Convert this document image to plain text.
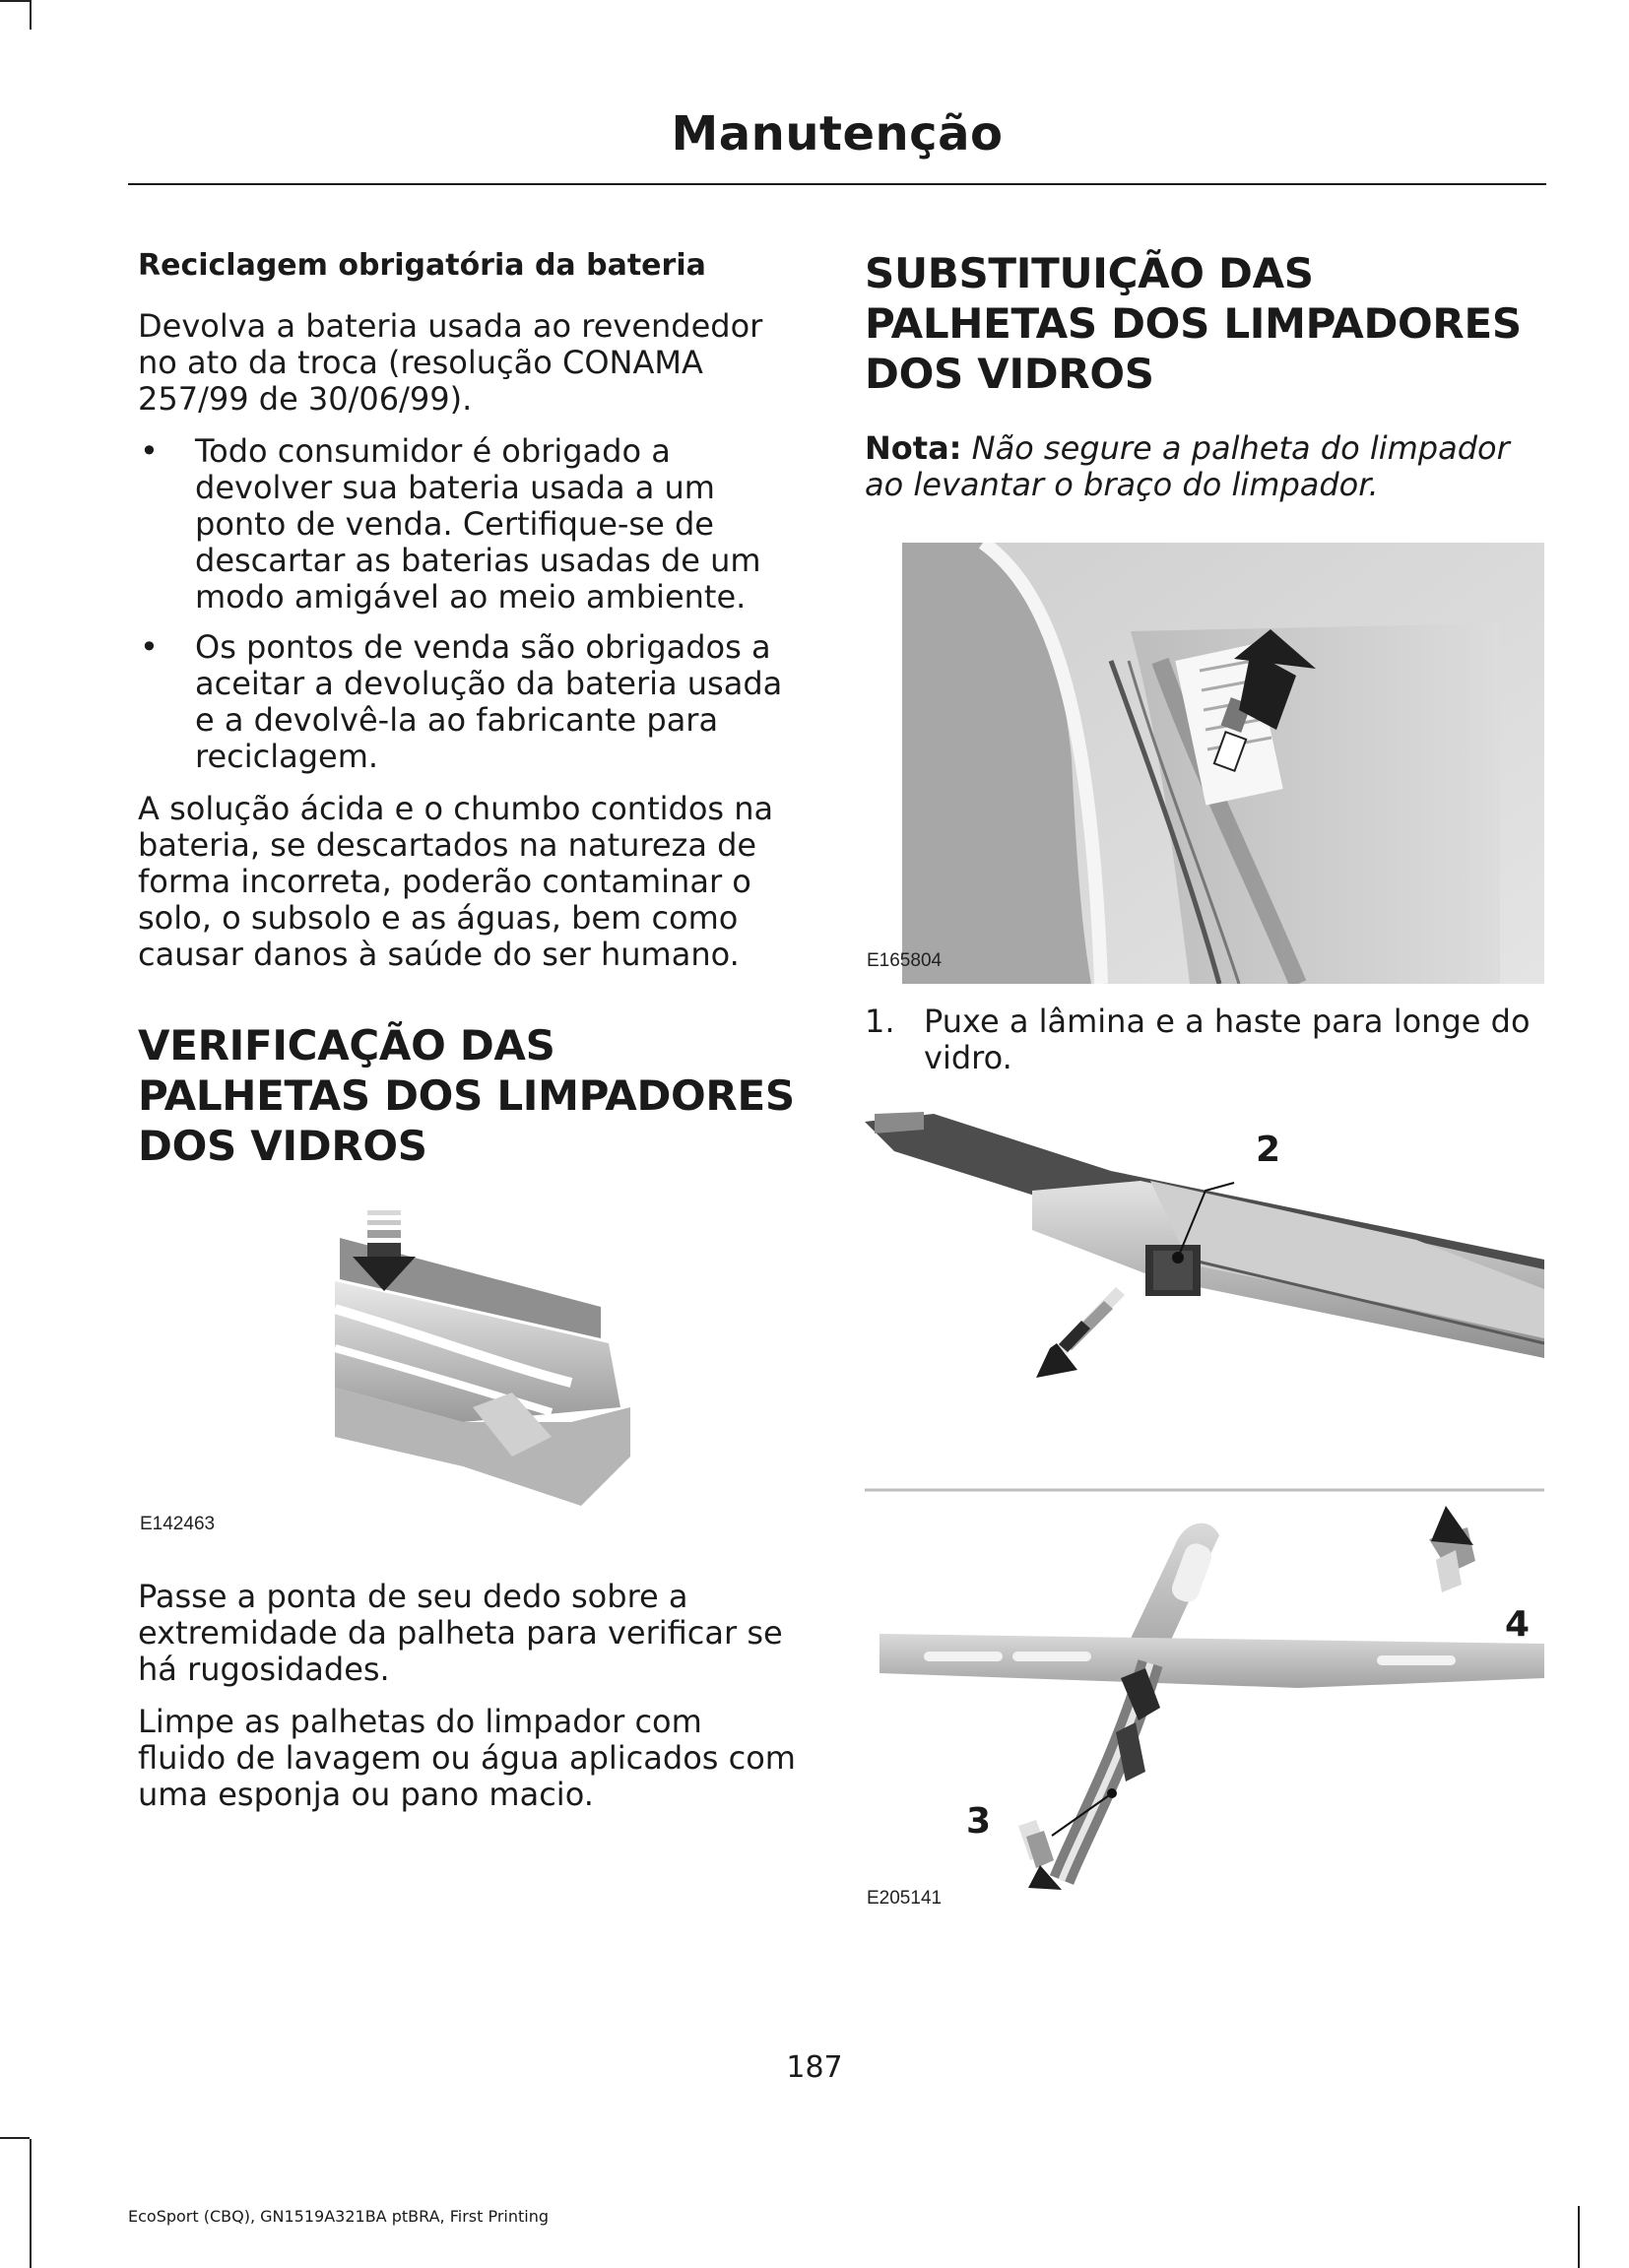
Manutenção
Reciclagem obrigatória da bateria

Devolva a bateria usada ao revendedor no ato da troca (resolução CONAMA 257/99 de 30/06/99).

• Todo consumidor é obrigado a devolver sua bateria usada a um ponto de venda. Certifique-se de descartar as baterias usadas de um modo amigável ao meio ambiente.
• Os pontos de venda são obrigados a aceitar a devolução da bateria usada e a devolvê-la ao fabricante para reciclagem.

A solução ácida e o chumbo contidos na bateria, se descartados na natureza de forma incorreta, poderão contaminar o solo, o subsolo e as águas, bem como causar danos à saúde do ser humano.

VERIFICAÇÃO DAS PALHETAS DOS LIMPADORES DOS VIDROS
E142463

Passe a ponta de seu dedo sobre a extremidade da palheta para verificar se há rugosidades.

Limpe as palhetas do limpador com fluido de lavagem ou água aplicados com uma esponja ou pano macio.

SUBSTITUIÇÃO DAS PALHETAS DOS LIMPADORES DOS VIDROS

Nota: Não segure a palheta do limpador ao levantar o braço do limpador.

E165804

1. Puxe a lâmina e a haste para longe do vidro.

2
4
3
E205141
187
EcoSport (CBQ), GN1519A321BA ptBRA, First Printing
